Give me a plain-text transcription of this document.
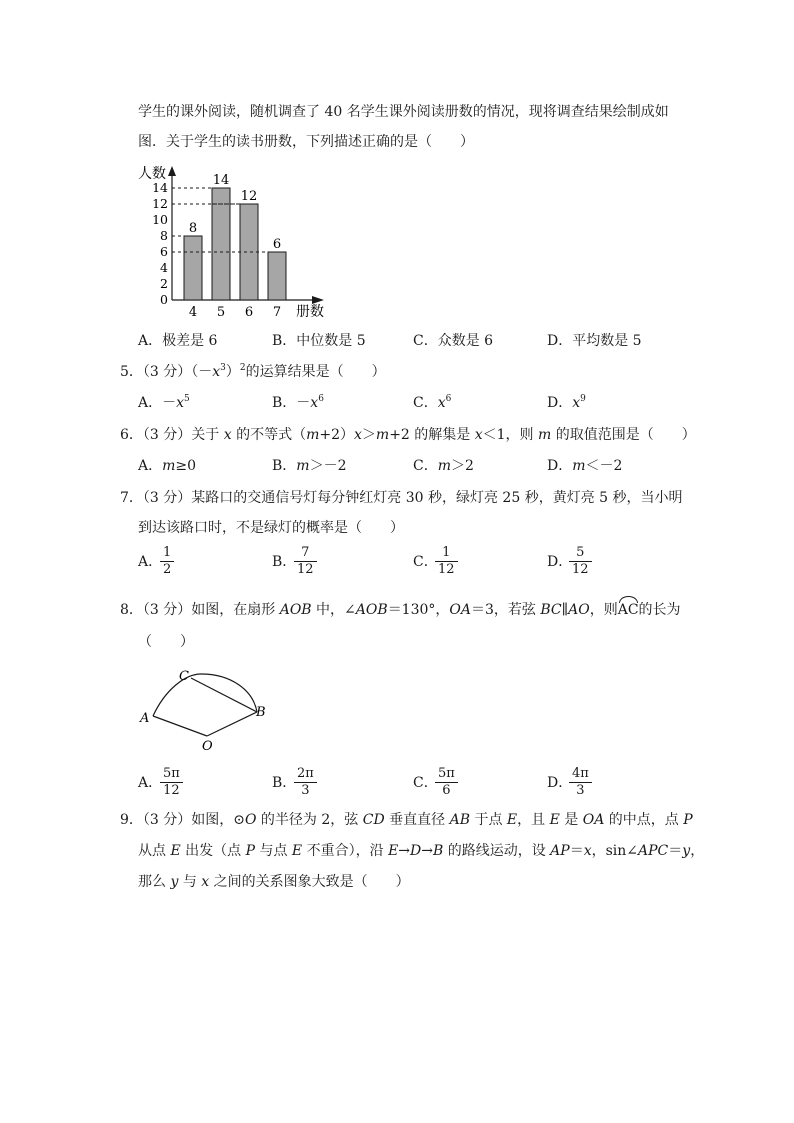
学生的课外阅读，随机调查了 40 名学生课外阅读册数的情况，现将调查结果绘制成如
图．关于学生的读书册数，下列描述正确的是（　　）
人数
册数
0
2
4
6
8
10
12
14
8
4
14
5
12
6
6
7
A．极差是 6	B．中位数是 5	C．众数是 6	D．平均数是 5
5．（3 分）$(-x^3)^2$的运算结果是（　　）
A．$-x^5$	B．$-x^6$	C．$x^6$	D．$x^9$
6．（3 分）关于 x 的不等式（m+2）x＞m+2 的解集是 x＜1，则 m 的取值范围是（　　）
A．m≥0	B．m＞－2	C．m＞2	D．m＜－2
7．（3 分）某路口的交通信号灯每分钟红灯亮 30 秒，绿灯亮 25 秒，黄灯亮 5 秒，当小明
到达该路口时，不是绿灯的概率是（　　）
A．
$\frac{1}{2}$	B．
$\frac{7}{12}$	C．
$\frac{1}{12}$	D．
$\frac{5}{12}$
8．（3 分）如图，在扇形 AOB 中，∠AOB＝130°，OA＝3，若弦 BC∥AO，则AC的长为
（　　）
C
A	B
O
A．
$\frac{5\pi}{12}$	B．
$\frac{2\pi}{3}$	C．
$\frac{5\pi}{6}$	D．
$\frac{4\pi}{3}$
9．（3 分）如图，⊙O 的半径为 2，弦 CD 垂直直径 AB 于点 E，且 E 是 OA 的中点，点 P
从点 E 出发（点 P 与点 E 不重合），沿 E→D→B 的路线运动，设 AP＝x，sin∠APC＝y，
那么 y 与 x 之间的关系图象大致是（　　）
